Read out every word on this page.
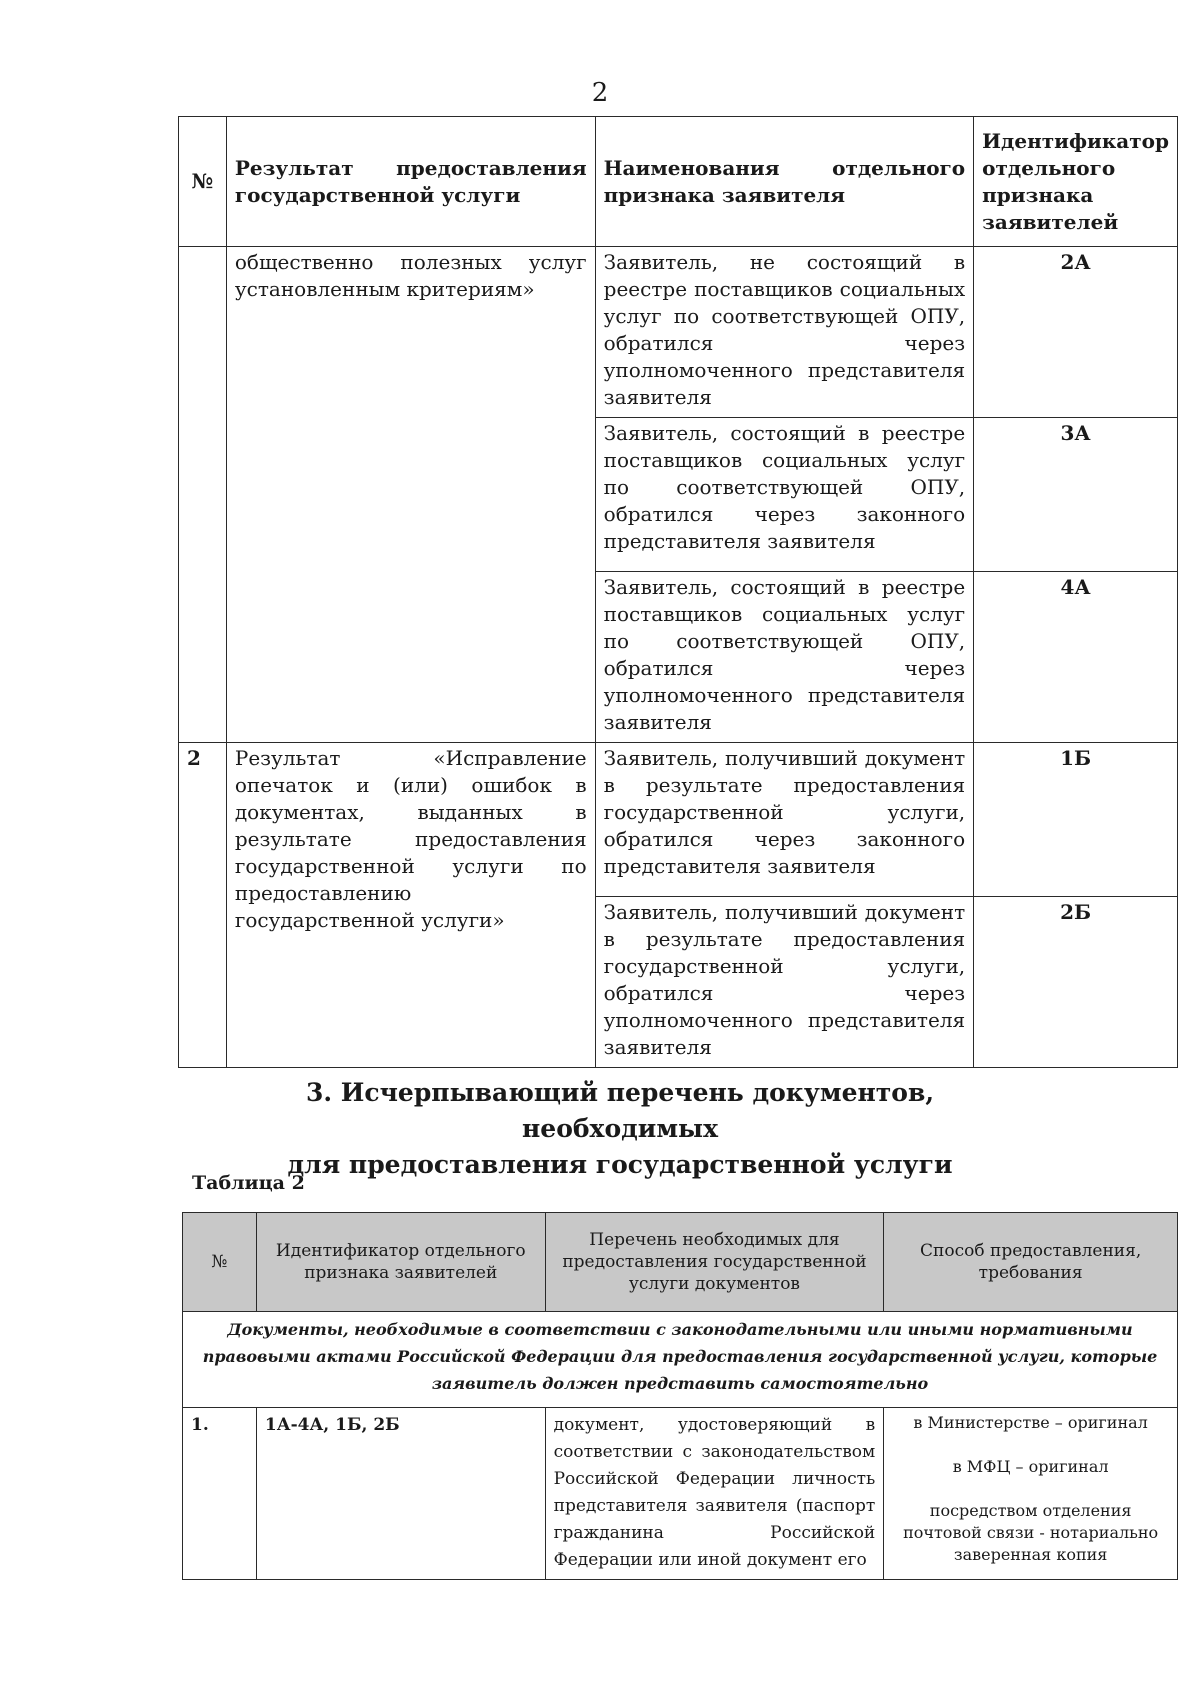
2
№	Результат предоставления государственной услуги	Наименования отдельного признака заявителя	Идентификатор отдельного признака заявителей
	общественно полезных услуг установленным критериям»	Заявитель, не состоящий в реестре поставщиков социальных услуг по соответствующей ОПУ, обратился через уполномоченного представителя заявителя	2А
		Заявитель, состоящий в реестре поставщиков социальных услуг по соответствующей ОПУ, обратился через законного представителя заявителя	3А
		Заявитель, состоящий в реестре поставщиков социальных услуг по соответствующей ОПУ, обратился через уполномоченного представителя заявителя	4А
2	Результат «Исправление опечаток и (или) ошибок в документах, выданных в результате предоставления государственной услуги по предоставлению государственной услуги»	Заявитель, получивший документ в результате предоставления государственной услуги, обратился через законного представителя заявителя	1Б
		Заявитель, получивший документ в результате предоставления государственной услуги, обратился через уполномоченного представителя заявителя	2Б
3. Исчерпывающий перечень документов, необходимых
для предоставления государственной услуги
Таблица 2
№	Идентификатор отдельного признака заявителей	Перечень необходимых для предоставления государственной услуги документов	Способ предоставления, требования
Документы, необходимые в соответствии с законодательными или иными нормативными правовыми актами Российской Федерации для предоставления государственной услуги, которые заявитель должен представить самостоятельно			
1.	1А-4А, 1Б, 2Б	документ, удостоверяющий в соответствии с законодательством Российской Федерации личность представителя заявителя (паспорт гражданина Российской Федерации или иной документ его	в Министерстве – оригинал

в МФЦ – оригинал

посредством отделения почтовой связи - нотариально заверенная копия
